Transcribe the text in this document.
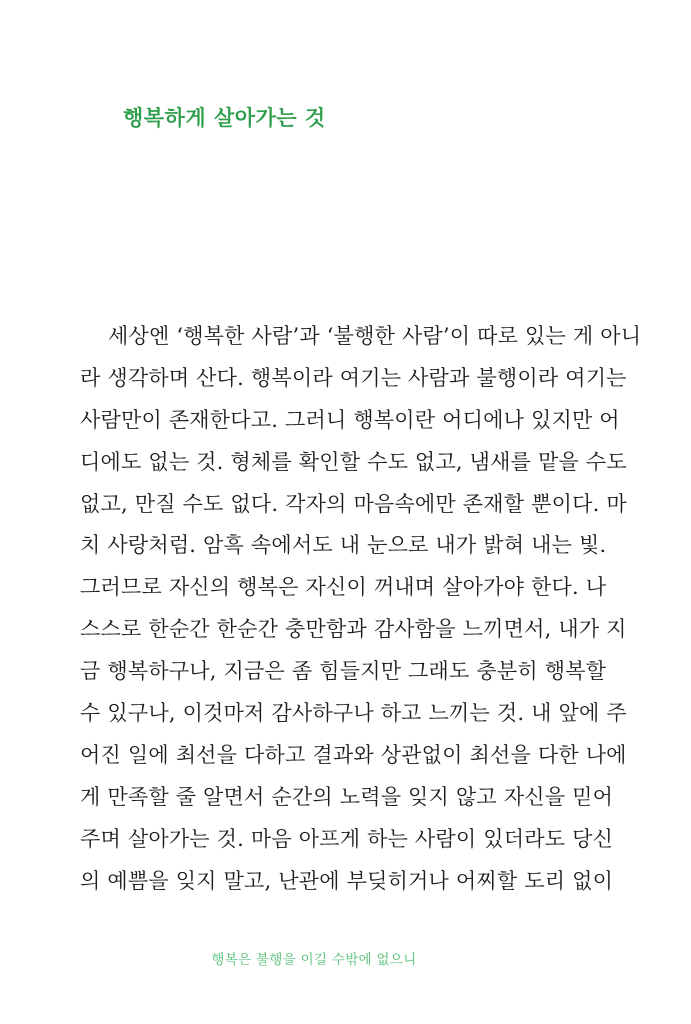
행복하게 살아가는 것
세상엔 ‘행복한 사람’과 ‘불행한 사람’이 따로 있는 게 아니
라 생각하며 산다. 행복이라 여기는 사람과 불행이라 여기는
사람만이 존재한다고. 그러니 행복이란 어디에나 있지만 어
디에도 없는 것. 형체를 확인할 수도 없고, 냄새를 맡을 수도
없고, 만질 수도 없다. 각자의 마음속에만 존재할 뿐이다. 마
치 사랑처럼. 암흑 속에서도 내 눈으로 내가 밝혀 내는 빛.
그러므로 자신의 행복은 자신이 꺼내며 살아가야 한다. 나
스스로 한순간 한순간 충만함과 감사함을 느끼면서, 내가 지
금 행복하구나, 지금은 좀 힘들지만 그래도 충분히 행복할
수 있구나, 이것마저 감사하구나 하고 느끼는 것. 내 앞에 주
어진 일에 최선을 다하고 결과와 상관없이 최선을 다한 나에
게 만족할 줄 알면서 순간의 노력을 잊지 않고 자신을 믿어
주며 살아가는 것. 마음 아프게 하는 사람이 있더라도 당신
의 예쁨을 잊지 말고, 난관에 부딪히거나 어찌할 도리 없이
행복은 불행을 이길 수밖에 없으니
